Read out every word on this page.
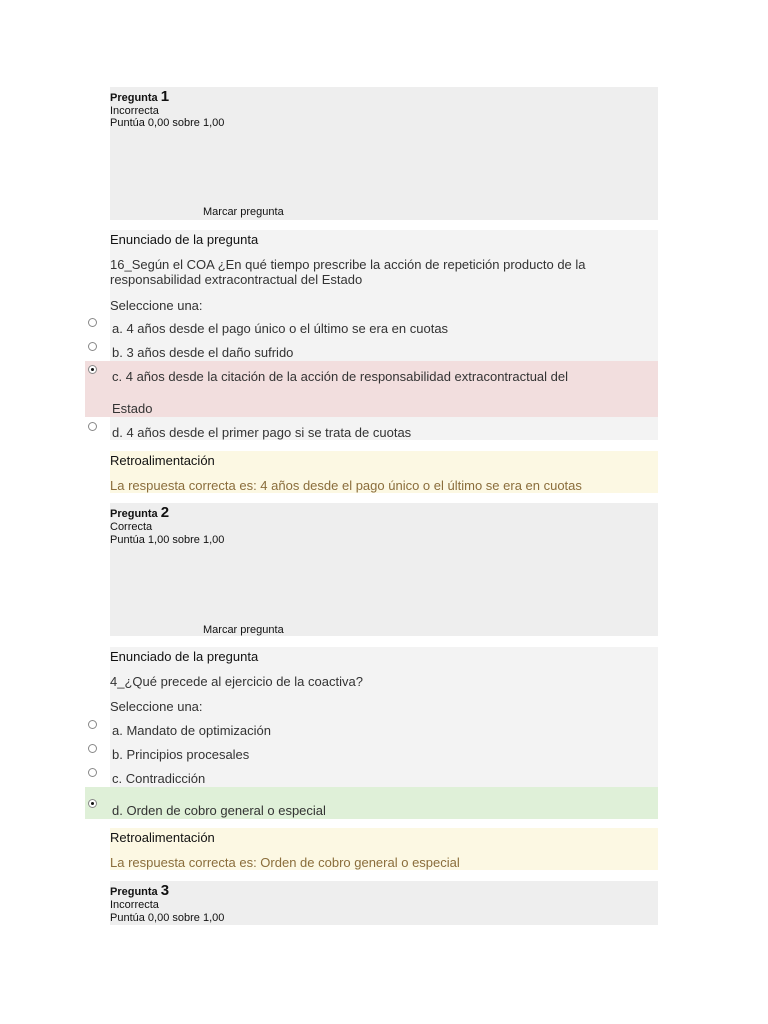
Pregunta 1
Incorrecta
Puntúa 0,00 sobre 1,00
Marcar pregunta
Enunciado de la pregunta
16_Según el COA ¿En qué tiempo prescribe la acción de repetición producto de la responsabilidad extracontractual del Estado
Seleccione una:
a. 4 años desde el pago único o el último se era en cuotas
b. 3 años desde el daño sufrido
c. 4 años desde la citación de la acción de responsabilidad extracontractual del
Estado
d. 4 años desde el primer pago si se trata de cuotas
Retroalimentación
La respuesta correcta es: 4 años desde el pago único o el último se era en cuotas
Pregunta 2
Correcta
Puntúa 1,00 sobre 1,00
Marcar pregunta
Enunciado de la pregunta
4_¿Qué precede al ejercicio de la coactiva?
Seleccione una:
a. Mandato de optimización
b. Principios procesales
c. Contradicción
d. Orden de cobro general o especial
Retroalimentación
La respuesta correcta es: Orden de cobro general o especial
Pregunta 3
Incorrecta
Puntúa 0,00 sobre 1,00
